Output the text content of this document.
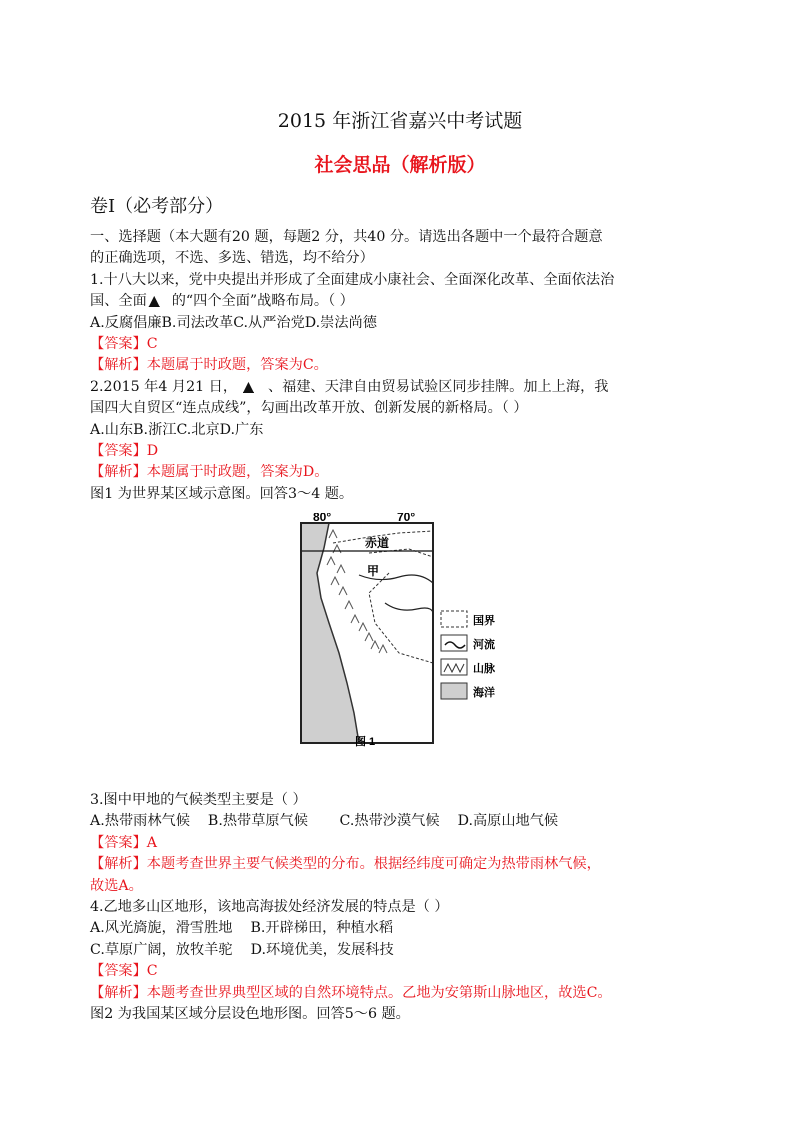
2015 年浙江省嘉兴中考试题
社会思品（解析版）
卷Ⅰ（必考部分）
一、选择题（本大题有20 题，每题2 分，共40 分。请选出各题中一个最符合题意
的正确选项，不选、多选、错选，均不给分）
1.十八大以来，党中央提出并形成了全面建成小康社会、全面深化改革、全面依法治
国、全面 ▲ 的“四个全面”战略布局。（ ）
A.反腐倡廉B.司法改革C.从严治党D.崇法尚德
【答案】C
【解析】本题属于时政题，答案为C。
2.2015 年4 月21 日， ▲ 、福建、天津自由贸易试验区同步挂牌。加上上海，我
国四大自贸区“连点成线”，勾画出改革开放、创新发展的新格局。（ ）
A.山东B.浙江C.北京D.广东
【答案】D
【解析】本题属于时政题，答案为D。
图1 为世界某区域示意图。回答3～4 题。
80°	70°
赤道
甲
国界
河流
山脉
海洋
图 1
3.图中甲地的气候类型主要是（ ）
A.热带雨林气候    B.热带草原气候       C.热带沙漠气候    D.高原山地气候
【答案】A
【解析】本题考查世界主要气候类型的分布。根据经纬度可确定为热带雨林气候，
故选A。
4.乙地多山区地形，该地高海拔处经济发展的特点是（ ）
A.风光旖旎，滑雪胜地    B.开辟梯田，种植水稻
C.草原广阔，放牧羊驼    D.环境优美，发展科技
【答案】C
【解析】本题考查世界典型区域的自然环境特点。乙地为安第斯山脉地区，故选C。
图2 为我国某区域分层设色地形图。回答5～6 题。
